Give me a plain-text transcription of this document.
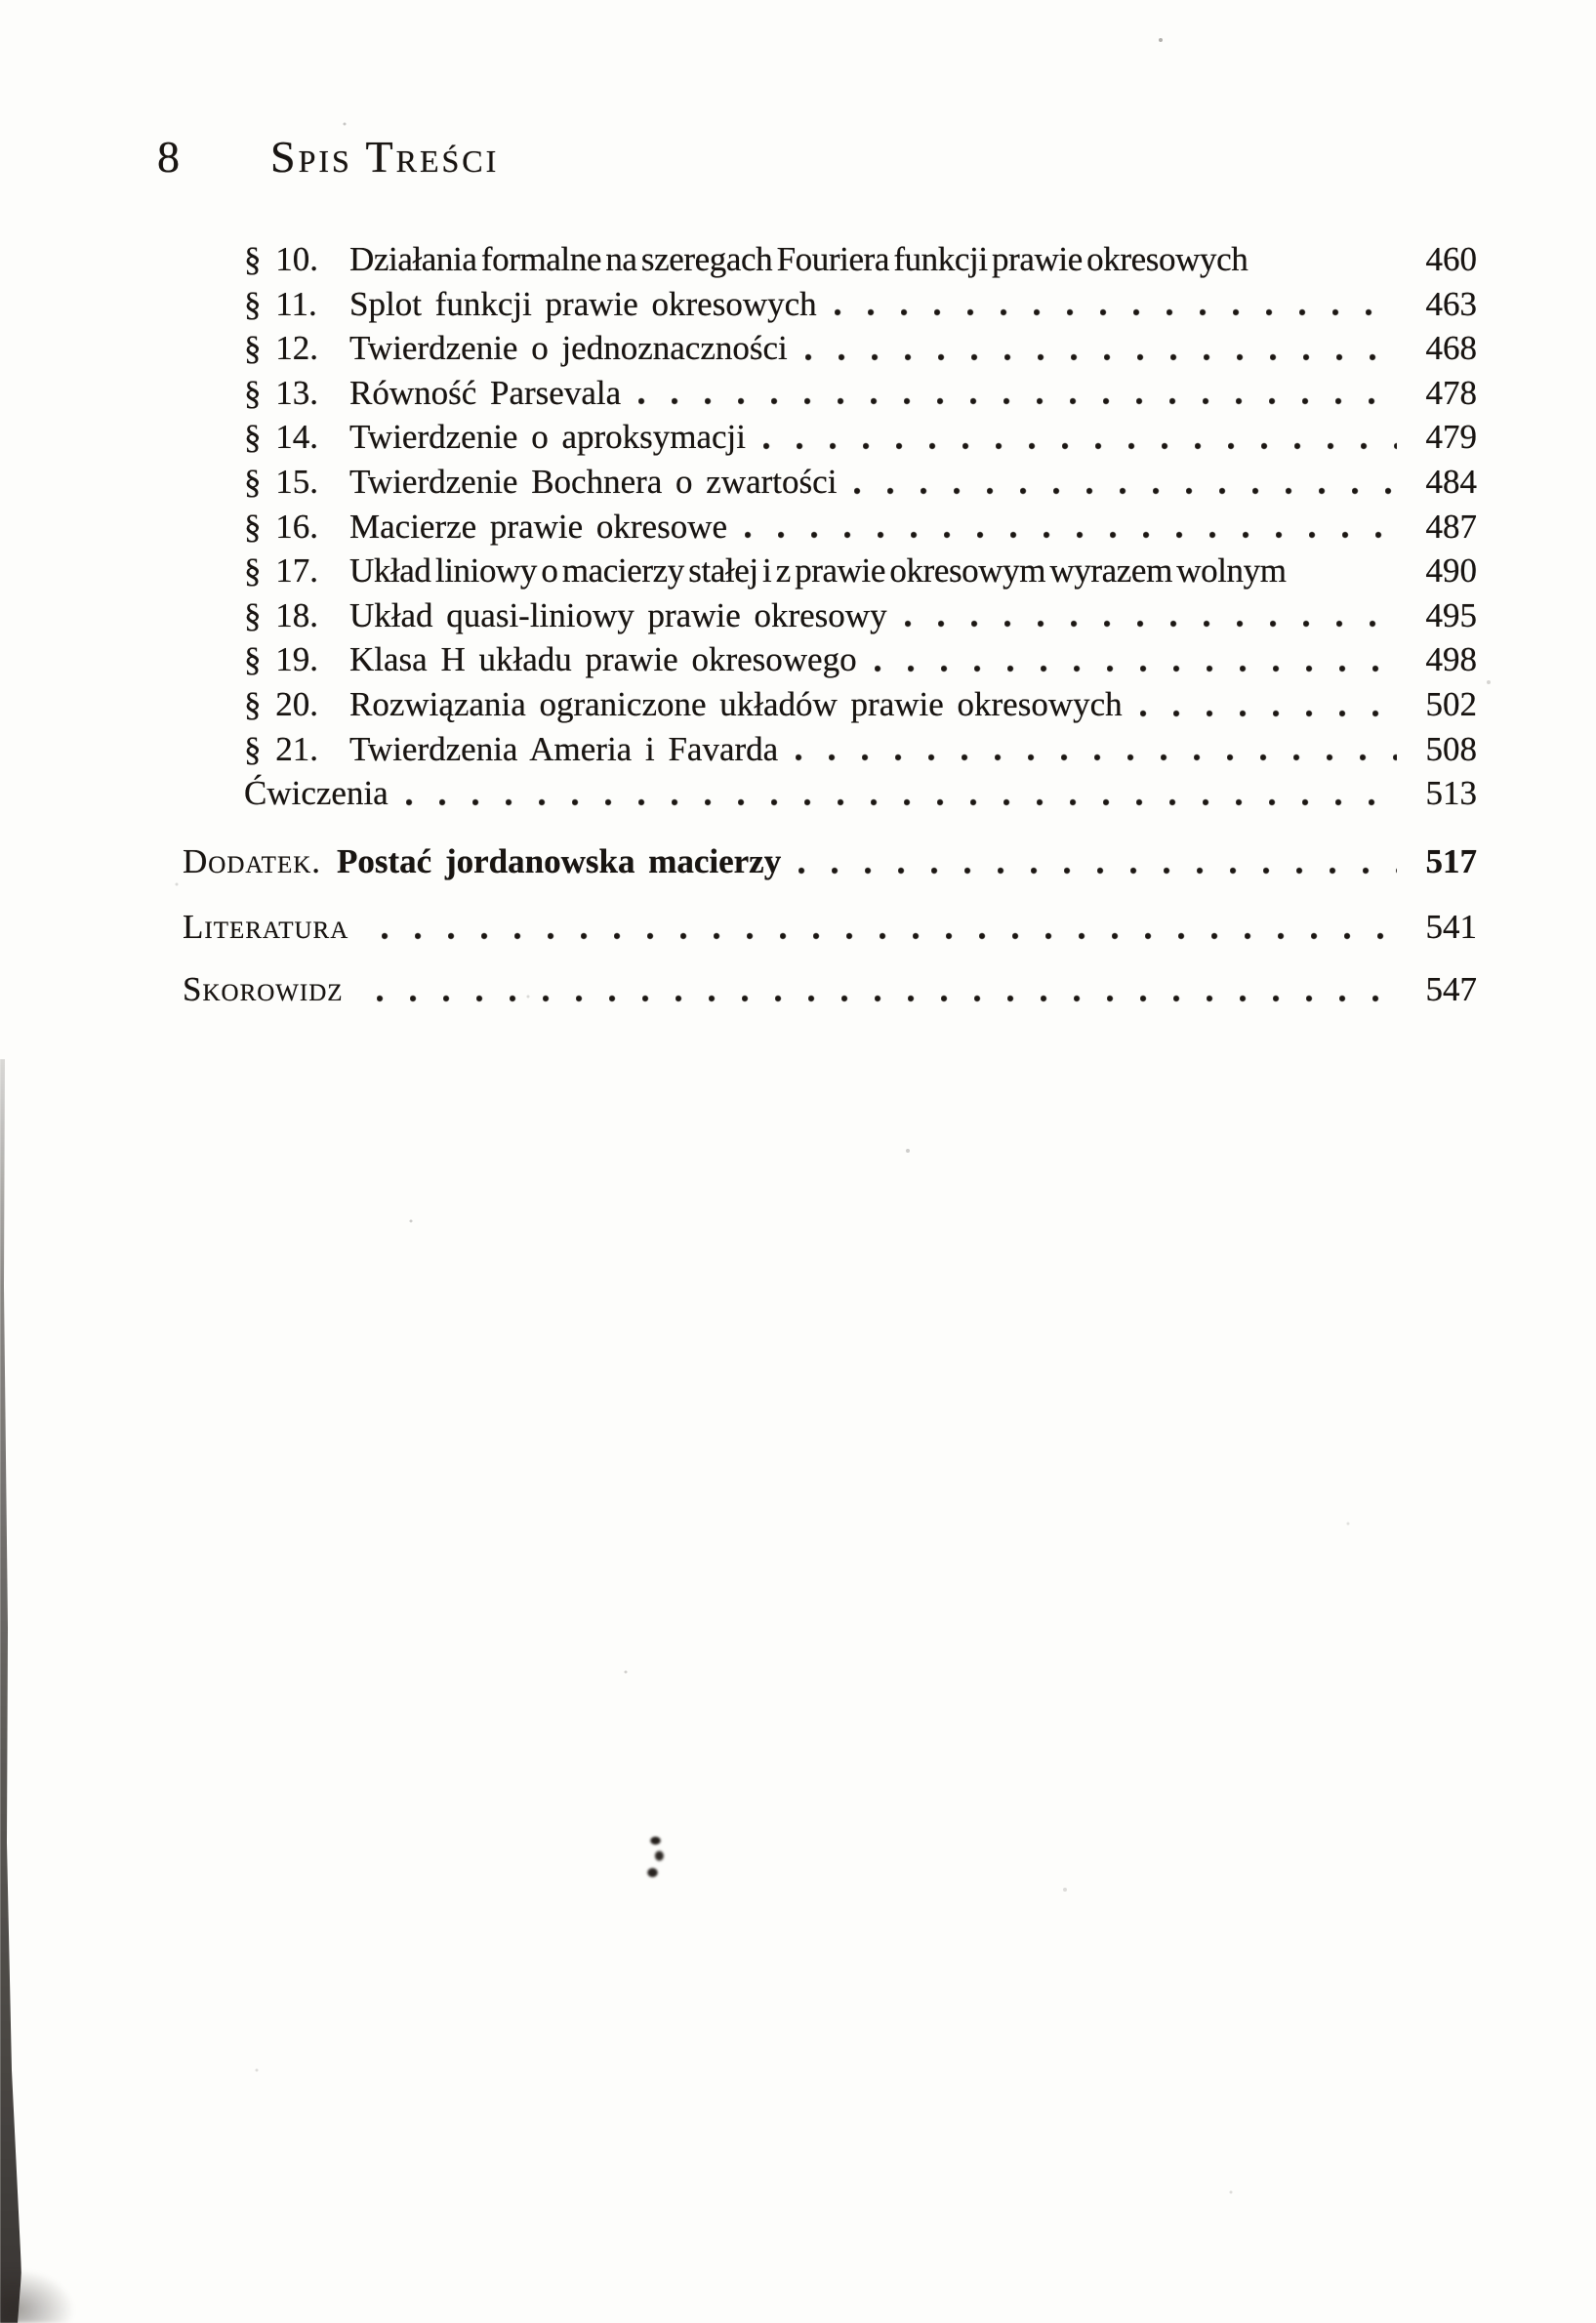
8 Spis Treści
§ 10. Działania formalne na szeregach Fouriera funkcji prawie okresowych	460
§ 11. Splot funkcji prawie okresowych	463
§ 12. Twierdzenie o jednoznaczności	468
§ 13. Równość Parsevala	478
§ 14. Twierdzenie o aproksymacji	479
§ 15. Twierdzenie Bochnera o zwartości	484
§ 16. Macierze prawie okresowe	487
§ 17. Układ liniowy o macierzy stałej i z prawie okresowym wyrazem wolnym	490
§ 18. Układ quasi-liniowy prawie okresowy	495
§ 19. Klasa H układu prawie okresowego	498
§ 20. Rozwiązania ograniczone układów prawie okresowych	502
§ 21. Twierdzenia Ameria i Favarda	508
Ćwiczenia	513
Dodatek. Postać jordanowska macierzy	517
Literatura	541
Skorowidz	547
